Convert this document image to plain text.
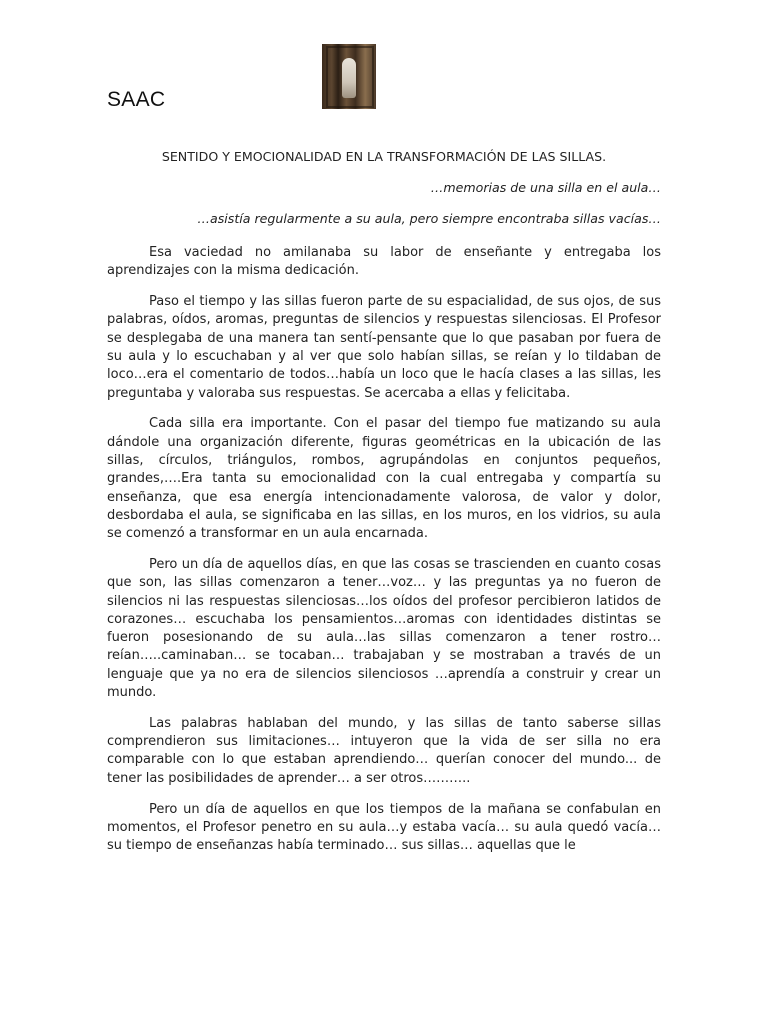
SAAC
SENTIDO Y EMOCIONALIDAD EN LA TRANSFORMACIÓN DE LAS SILLAS.
…memorias de una silla en el aula…
…asistía regularmente a su aula, pero siempre encontraba sillas vacías…

Esa vaciedad no amilanaba su labor de enseñante y entregaba los aprendizajes con la misma dedicación.

Paso el tiempo y las sillas fueron parte de su espacialidad, de sus ojos, de sus palabras, oídos, aromas, preguntas de silencios y respuestas silenciosas. El Profesor se desplegaba de una manera tan sentí-pensante que lo que pasaban por fuera de su aula y lo escuchaban y al ver que solo habían sillas, se reían y lo tildaban de loco…era el comentario de todos…había un loco que le hacía clases a las sillas, les preguntaba y valoraba sus respuestas. Se acercaba a ellas y felicitaba.

Cada silla era importante. Con el pasar del tiempo fue matizando su aula dándole una organización diferente, figuras geométricas en la ubicación de las sillas, círculos, triángulos, rombos, agrupándolas en conjuntos pequeños, grandes,….Era tanta su emocionalidad con la cual entregaba y compartía su enseñanza, que esa energía intencionadamente valorosa, de valor y dolor, desbordaba el aula, se significaba en las sillas, en los muros, en los vidrios, su aula se comenzó a transformar en un aula encarnada.

Pero un día de aquellos días, en que las cosas se trascienden en cuanto cosas que son, las sillas comenzaron a tener…voz… y las preguntas ya no fueron de silencios ni las respuestas silenciosas…los oídos del profesor percibieron latidos de corazones… escuchaba los pensamientos…aromas con identidades distintas se fueron posesionando de su aula…las sillas comenzaron a tener rostro… reían…..caminaban… se tocaban… trabajaban y se mostraban a través de un lenguaje que ya no era de silencios silenciosos …aprendía a construir y crear un mundo.

Las palabras hablaban del mundo, y las sillas de tanto saberse sillas comprendieron sus limitaciones… intuyeron que la vida de ser silla no era comparable con lo que estaban aprendiendo… querían conocer del mundo... de tener las posibilidades de aprender… a ser otros………..

Pero un día de aquellos en que los tiempos de la mañana se confabulan en momentos, el Profesor penetro en su aula…y estaba vacía… su aula quedó vacía… su tiempo de enseñanzas había terminado… sus sillas… aquellas que le
